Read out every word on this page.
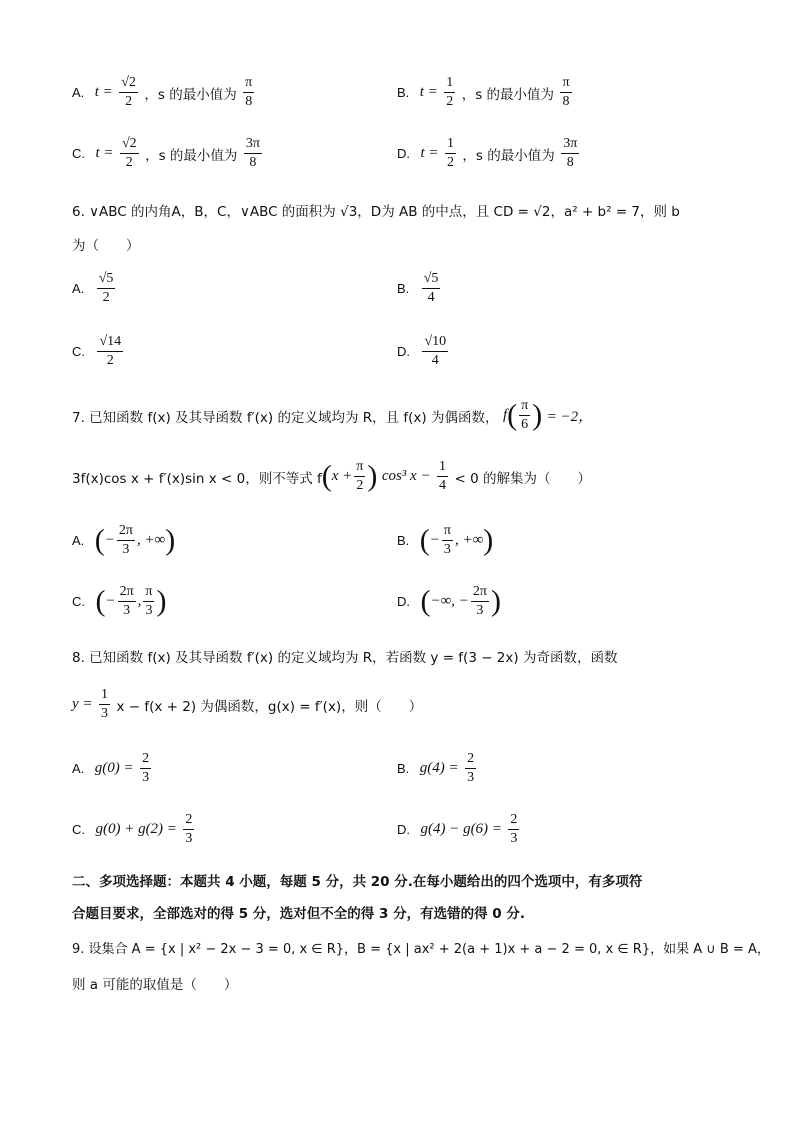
A. $t = \frac{√2}{2}$ ，s 的最小值为 $\frac{\pi}{8}$	B. $t = \frac{1}{2}$ ，s 的最小值为 $\frac{\pi}{8}$
C. $t = \frac{√2}{2}$ ，s 的最小值为 $\frac{3\pi}{8}$	D. $t = \frac{1}{2}$ ，s 的最小值为 $\frac{3\pi}{8}$
6. ∨ABC 的内角A，B，C，∨ABC 的面积为 √3，D为 AB 的中点，且 CD = √2，a² + b² = 7，则 b
为（　　）
A. $\frac{√5}{2}$	B. $\frac{√5}{4}$
C. $\frac{√14}{2}$	D. $\frac{√10}{4}$
7. 已知函数 f(x) 及其导函数 f′(x) 的定义域均为 R，且 f(x) 为偶函数， $f( \frac{\pi}{6}$ ) = −2，
3f(x)cos x + f′(x)sin x < 0，则不等式 $f(x + \frac{\pi}{2}$ ) cos³ $x - \frac{1}{4} < 0$ 的解集为（　　）
A. (− $\frac{2\pi}{3}$ , +∞)	B. (− $\frac{\pi}{3}$ , +∞)
C. (− $\frac{2\pi}{3}$ , $\frac{\pi}{3}$ )	D. (−∞, − $\frac{2\pi}{3}$ )
8. 已知函数 f(x) 及其导函数 f′(x) 的定义域均为 R，若函数 y = f(3 − 2x) 为奇函数，函数
$y = \frac{1}{3}$ x − f(x + 2) 为偶函数，g(x) = f′(x)，则（　　）
A. $g(0) = \frac{2}{3}$	B. $g(4) = \frac{2}{3}$
C. $g(0) + g(2) = \frac{2}{3}$	D. $g(4) - g(6) = \frac{2}{3}$
二、多项选择题：本题共 4 小题，每题 5 分，共 20 分.在每小题给出的四个选项中，有多项符
合题目要求，全部选对的得 5 分，选对但不全的得 3 分，有选错的得 0 分.
9. 设集合 A = {x | x² − 2x − 3 = 0, x ∈ R}，B = {x | ax² + 2(a + 1)x + a − 2 = 0, x ∈ R}，如果 A ∪ B = A，
则 a 可能的取值是（　　）
